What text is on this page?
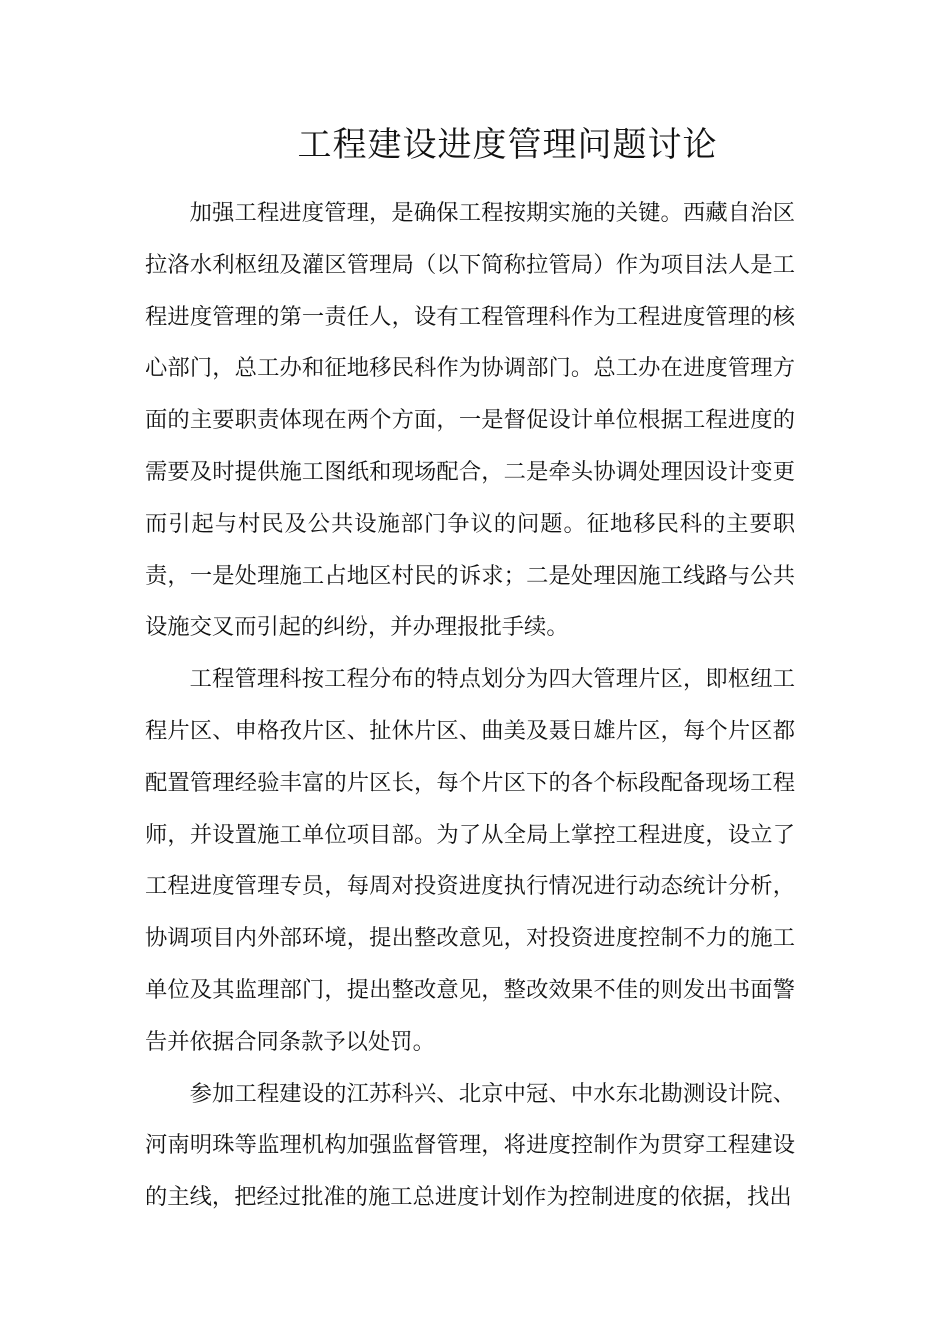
工程建设进度管理问题讨论

加强工程进度管理，是确保工程按期实施的关键。西藏自治区拉洛水利枢纽及灌区管理局（以下简称拉管局）作为项目法人是工程进度管理的第一责任人，设有工程管理科作为工程进度管理的核心部门，总工办和征地移民科作为协调部门。总工办在进度管理方面的主要职责体现在两个方面，一是督促设计单位根据工程进度的需要及时提供施工图纸和现场配合，二是牵头协调处理因设计变更而引起与村民及公共设施部门争议的问题。征地移民科的主要职责，一是处理施工占地区村民的诉求；二是处理因施工线路与公共设施交叉而引起的纠纷，并办理报批手续。

工程管理科按工程分布的特点划分为四大管理片区，即枢纽工程片区、申格孜片区、扯休片区、曲美及聂日雄片区，每个片区都配置管理经验丰富的片区长，每个片区下的各个标段配备现场工程师，并设置施工单位项目部。为了从全局上掌控工程进度，设立了工程进度管理专员，每周对投资进度执行情况进行动态统计分析，协调项目内外部环境，提出整改意见，对投资进度控制不力的施工单位及其监理部门，提出整改意见，整改效果不佳的则发出书面警告并依据合同条款予以处罚。

参加工程建设的江苏科兴、北京中冠、中水东北勘测设计院、河南明珠等监理机构加强监督管理，将进度控制作为贯穿工程建设的主线，把经过批准的施工总进度计划作为控制进度的依据，找出
